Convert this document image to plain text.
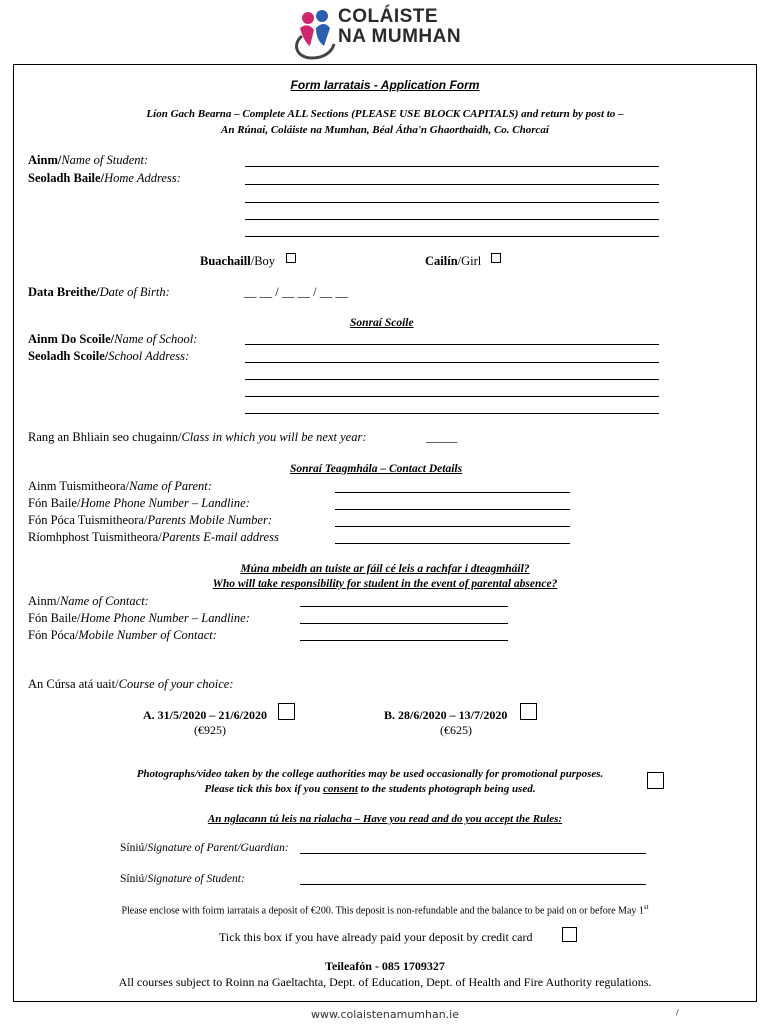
COLÁISTE
NA MUMHAN
Form Iarratais - Application Form
Líon Gach Bearna – Complete ALL Sections (PLEASE USE BLOCK CAPITALS) and return by post to –
An Rúnaí, Coláiste na Mumhan, Béal Átha'n Ghaorthaidh, Co. Chorcaí
Ainm/Name of Student:
Seoladh Baile/Home Address:
Buachaill/Boy	Cailín/Girl
Data Breithe/Date of Birth:	__ __ / __ __ / __ __
Sonraí Scoile
Ainm Do Scoile/Name of School:
Seoladh Scoile/School Address:
Rang an Bhliain seo chugainn/Class in which you will be next year:	_____
Sonraí Teagmhála – Contact Details
Ainm Tuismitheora/Name of Parent:
Fón Baile/Home Phone Number – Landline:
Fón Póca Tuismitheora/Parents Mobile Number:
Ríomhphost Tuismitheora/Parents E-mail address
Múna mbeidh an tuiste ar fáil cé leis a rachfar i dteagmháil?
Who will take responsibility for student in the event of parental absence?
Ainm/Name of Contact:
Fón Baile/Home Phone Number – Landline:
Fón Póca/Mobile Number of Contact:
An Cúrsa atá uait/Course of your choice:
A. 31/5/2020 – 21/6/2020
(€925)
B. 28/6/2020 – 13/7/2020
(€625)
Photographs/video taken by the college authorities may be used occasionally for promotional purposes.
Please tick this box if you consent to the students photograph being used.
An nglacann tú leis na rialacha – Have you read and do you accept the Rules:
Síniú/Signature of Parent/Guardian:
Síniú/Signature of Student:
Please enclose with foirm iarratais a deposit of €200. This deposit is non-refundable and the balance to be paid on or before May 1st
Tick this box if you have already paid your deposit by credit card
Teileafón - 085 1709327
All courses subject to Roinn na Gaeltachta, Dept. of Education, Dept. of Health and Fire Authority regulations.
www.colaistenamumhan.ie	/
